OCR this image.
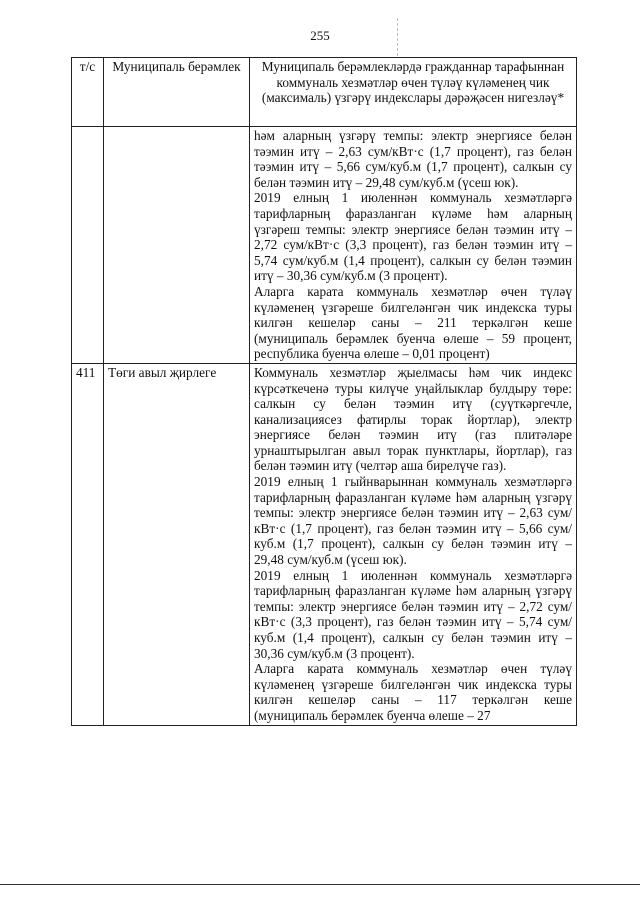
255
т/с	Муниципаль берәмлек	Муниципаль берәмлекләрдә гражданнар тарафыннан коммуналь хезмәтләр өчен түләү күләменең чик (максималь) үзгәрү индекслары дәрәҗәсен нигезләү*

		һәм аларның үзгәрү темпы: электр энергиясе белән тәэмин итү – 2,63 сум/кВт·с (1,7 процент), газ белән тәэмин итү – 5,66 сум/куб.м (1,7 процент), салкын су белән тәэмин итү – 29,48 сум/куб.м (үсеш юк).

2019 елның 1 июленнән коммуналь хезмәтләргә тарифларның фаразланган күләме һәм аларның үзгәреш темпы: электр энергиясе белән тәэмин итү – 2,72 сум/кВт·с (3,3 процент), газ белән тәэмин итү – 5,74 сум/куб.м (1,4 процент), салкын су белән тәэмин итү – 30,36 сум/куб.м (3 процент).

Аларга карата коммуналь хезмәтләр өчен түләү күләменең үзгәреше билгеләнгән чик индекска туры килгән кешеләр саны – 211 теркәлгән кеше (муниципаль берәмлек буенча өлеше – 59 процент, республика буенча өлеше – 0,01 процент)

411	Төги авыл җирлеге	Коммуналь хезмәтләр җыелмасы һәм чик индекс күрсәткеченә туры килүче уңайлыклар булдыру төре: салкын су белән тәэмин итү (суүткәргечле, канализациясез фатирлы торак йортлар), электр энергиясе белән тәэмин итү (газ плитәләре урнаштырылган авыл торак пунктлары, йортлар), газ белән тәэмин итү (челтәр аша бирелүче газ).

2019 елның 1 гыйнварыннан коммуналь хезмәтләргә тарифларның фаразланган күләме һәм аларның үзгәрү темпы: электр энергиясе белән тәэмин итү – 2,63 сум/кВт·с (1,7 процент), газ белән тәэмин итү – 5,66 сум/куб.м (1,7 процент), салкын су белән тәэмин итү – 29,48 сум/куб.м (үсеш юк).

2019 елның 1 июленнән коммуналь хезмәтләргә тарифларның фаразланган күләме һәм аларның үзгәрү темпы: электр энергиясе белән тәэмин итү – 2,72 сум/кВт·с (3,3 процент), газ белән тәэмин итү – 5,74 сум/куб.м (1,4 процент), салкын су белән тәэмин итү – 30,36 сум/куб.м (3 процент).

Аларга карата коммуналь хезмәтләр өчен түләү күләменең үзгәреше билгеләнгән чик индекска туры килгән кешеләр саны – 117 теркәлгән кеше (муниципаль берәмлек буенча өлеше – 27
